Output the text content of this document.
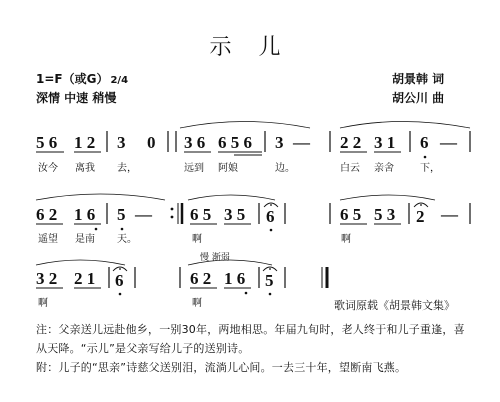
示 儿
1=F（或G） 2/4
深情 中速 稍慢
胡景韩 词
胡公川 曲
5 6 1 2 3 0 3 6 6 5 6 3 — 2 2 3 1 6 —
汝今 离我 去，	远到 阿娘	边。	白云 亲舍	下，
6 2 1 6 5 — 6 5 3 5 6	6 5 5 3 2 —
遥望 是南 天。	啊	啊
3 2 2 1 6	6 2 1 6 5
啊	啊
慢 渐弱
歌词原载《胡景韩文集》
注：父亲送儿远赴他乡，一别30年，两地相思。年届九旬时，老人终于和儿子重逢，喜从天降。“示儿”是父亲写给儿子的送别诗。
附：儿子的“思亲”诗慈父送别泪，流淌儿心间。一去三十年，望断南飞燕。
